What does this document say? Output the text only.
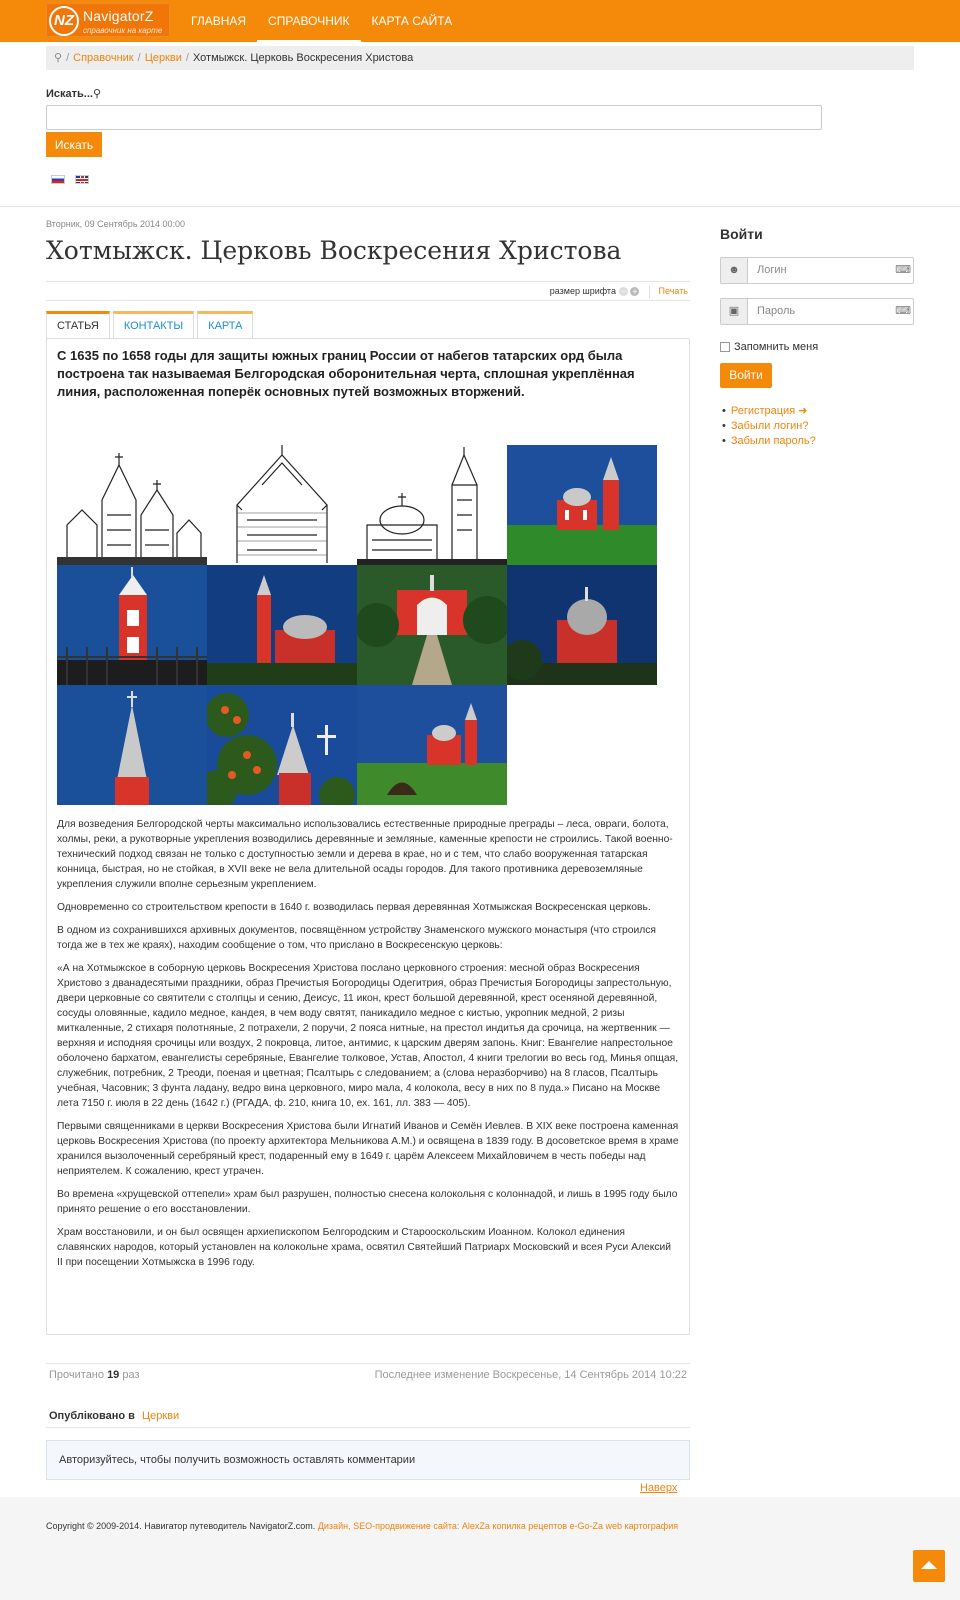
NZ NavigatorZ
справочник на карте
ГЛАВНАЯ	СПРАВОЧНИК	КАРТА САЙТА
⚲ / Справочник / Церкви / Хотмыжск. Церковь Воскресения Христова
Искать...⚲
Искать
Вторник, 09 Сентябрь 2014 00:00
Хотмыжск. Церковь Воскресения Христова
размер шрифта − + Печать
СТАТЬЯ	КОНТАКТЫ	КАРТА
С 1635 по 1658 годы для защиты южных границ России от набегов татарских орд была построена так называемая Белгородская оборонительная черта, сплошная укреплённая линия, расположенная поперёк основных путей возможных вторжений.

Для возведения Белгородской черты максимально использовались естественные природные преграды – леса, овраги, болота, холмы, реки, а рукотворные укрепления возводились деревянные и земляные, каменные крепости не строились. Такой военно-технический подход связан не только с доступностью земли и дерева в крае, но и с тем, что слабо вооруженная татарская конница, быстрая, но не стойкая, в XVII веке не вела длительной осады городов. Для такого противника деревоземляные укрепления служили вполне серьезным укреплением.

Одновременно со строительством крепости в 1640 г. возводилась первая деревянная Хотмыжская Воскресенская церковь.

В одном из сохранившихся архивных документов, посвящённом устройству Знаменского мужского монастыря (что строился тогда же в тех же краях), находим сообщение о том, что прислано в Воскресенскую церковь:

«А на Хотмыжское в соборную церковь Воскресения Христова послано церковного строения: месной образ Воскресения Христово з дванадесятыми праздники, образ Пречистыя Богородицы Одегитрия, образ Пречистыя Богородицы запрестольную, двери церковные со святители с столпцы и сению, Деисус, 11 икон, крест большой деревянной, крест осеняной деревянной, сосуды оловянные, кадило медное, кандея, в чем воду святят, паникадило медное с кистью, укропник медной, 2 ризы миткаленные, 2 стихаря полотняные, 2 потрахели, 2 поручи, 2 пояса нитные, на престол индитья да срочица, на жертвенник — верхняя и исподняя срочицы или воздух, 2 покровца, литое, антимис, к царским дверям запонь. Книг: Евангелие напрестольное оболочено бархатом, евангелисты серебряные, Евангелие толковое, Устав, Апостол, 4 книги трелогии во весь год, Минья опщая, служебник, потребник, 2 Треоди, поеная и цветная; Псалтырь с следованием; а (слова неразборчиво) на 8 гласов, Псалтырь учебная, Часовник; 3 фунта ладану, ведро вина церковного, миро мала, 4 колокола, весу в них по 8 пуда.» Писано на Москве лета 7150 г. июля в 22 день (1642 г.) (РГАДА, ф. 210, книга 10, ех. 161, лл. 383 — 405).

Первыми священниками в церкви Воскресения Христова были Игнатий Иванов и Семён Иевлев. В XIX веке построена каменная церковь Воскресения Христова (по проекту архитектора Мельникова А.М.) и освящена в 1839 году. В досоветское время в храме хранился вызолоченный серебряный крест, подаренный ему в 1649 г. царём Алексеем Михайловичем в честь победы над неприятелем. К сожалению, крест утрачен.

Во времена «хрущевской оттепели» храм был разрушен, полностью снесена колокольня с колоннадой, и лишь в 1995 году было принято решение о его восстановлении.

Храм восстановили, и он был освящен архиепископом Белгородским и Старооскольским Иоанном. Колокол единения славянских народов, который установлен на колокольне храма, освятил Святейший Патриарх Московский и всея Руси Алексий II при посещении Хотмыжска в 1996 году.

Прочитано 19 раз	Последнее изменение Воскресенье, 14 Сентябрь 2014 10:22
Опубліковано в Церкви
Авторизуйтесь, чтобы получить возможность оставлять комментарии
Наверх
Войти
☻	Логин	⌨
▣	Пароль	⌨
Запомнить меня
Войти
• Регистрация ➜
• Забыли логин?
• Забыли пароль?
Copyright © 2009-2014. Навигатор путеводитель NavigatorZ.com. Дизайн, SEO-продвижение сайта: AlexZa копилка рецептов e-Go-Za web картография
